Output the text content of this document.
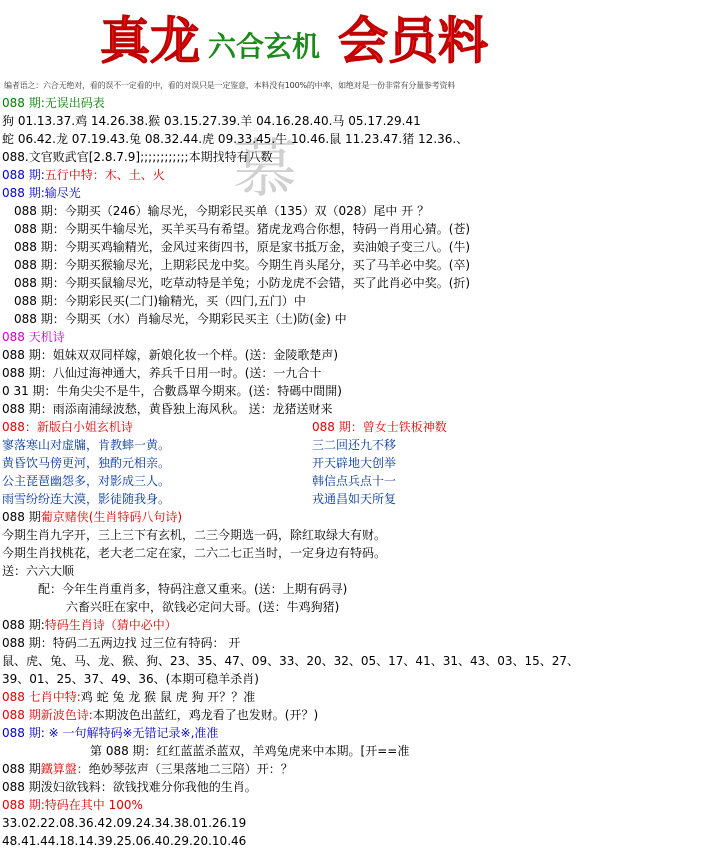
真龙 六合玄机 会员料
编者语之：六合无绝对，看的误不一定看的中，看的对误只是一定鉴意，本料没有100%的中率，如绝对是一份非常有分量参考资料
慕
088 期:无误出码表
狗 01.13.37.鸡 14.26.38.猴 03.15.27.39.羊 04.16.28.40.马 05.17.29.41
蛇 06.42.龙 07.19.43.兔 08.32.44.虎 09.33.45.牛 10.46.鼠 11.23.47.猪 12.36.、
088.文官败武官[2.8.7.9];;;;;;;;;;;;本期找特有八数
088 期:五行中特：木、土、火
088 期:输尽光
088 期：今期买（246）输尽光，今期彩民买单（135）双（028）尾中 开 ？
088 期：今期买牛输尽光，买羊买马有希望。猪虎龙鸡合你想，特码一肖用心猜。(苍)
088 期：今期买鸡输精光，金风过来街四书，原是家书抵万金，卖油娘子变三八。(牛)
088 期：今期买猴输尽光，上期彩民龙中奖。今期生肖头尾分，买了马羊必中奖。(卒)
088 期：今期买鼠输尽光，吃草动特是羊兔；小防龙虎不会错，买了此肖必中奖。(折)
088 期：今期彩民买(二门)输精光，买（四门,五门）中
088 期：今期买（水）肖输尽光，今期彩民买主（土)防(金) 中
088 天机诗
088 期：姐妹双双同样嫁，新娘化妆一个样。(送：金陵歌楚声)
088 期：八仙过海神通大，养兵千日用一时。(送：一九合十
0 31 期：牛角尖尖不是牛，合數爲單今期來。(送：特碼中間開)
088 期：雨添南浦绿波愁，黄昏独上海风秋。 送：龙猪送财来
088：新版白小姐玄机诗	088 期：曾女士铁板神数
寥落寒山对虚牖，肯教蟀一黄。	三二回还九不移
黄昏饮马傍更河，独酌元相亲。	开天辟地大创举
公主琵琶幽怨多，对影成三人。	韩信点兵点十一
雨雪纷纷连大漠，影徒随我身。	戎通昌如天所复
088 期葡京赌侠(生肖特码八句诗)
今期生肖九字开，三上三下有玄机，二三今期选一码，除红取绿大有财。
今期生肖找桃花，老大老二定在家，二六二七正当时，一定身边有特码。
送：六六大顺
配：今年生肖重肖多，特码注意又重来。(送：上期有码寻)
六畜兴旺在家中，欲钱必定问大哥。(送：牛鸡狗猪)
088 期:特码生肖诗（猜中必中）
088 期：特码二五两边找 过三位有特码： 开
鼠、虎、兔、马、龙、猴、狗、23、35、47、09、33、20、32、05、17、41、31、43、03、15、27、
39、01、25、37、49、36、(本期可稳羊杀肖)
088 七肖中特:鸡 蛇 兔 龙 猴 鼠 虎 狗 开？？准
088 期新波色诗:本期波色出蓝红，鸡龙看了也发财。(开？)
088 期: ※ 一句解特码※无错记录※,准准
第 088 期：红红蓝蓝杀蓝双，羊鸡兔虎来中本期。[开==准
088 期鐵算盤：绝妙琴弦声（三果落地二三陪）开：？
088 期泼妇欲钱料：欲钱找难分你我他的生肖。
088 期:特码在其中 100%
33.02.22.08.36.42.09.24.34.38.01.26.19
48.41.44.18.14.39.25.06.40.29.20.10.46
